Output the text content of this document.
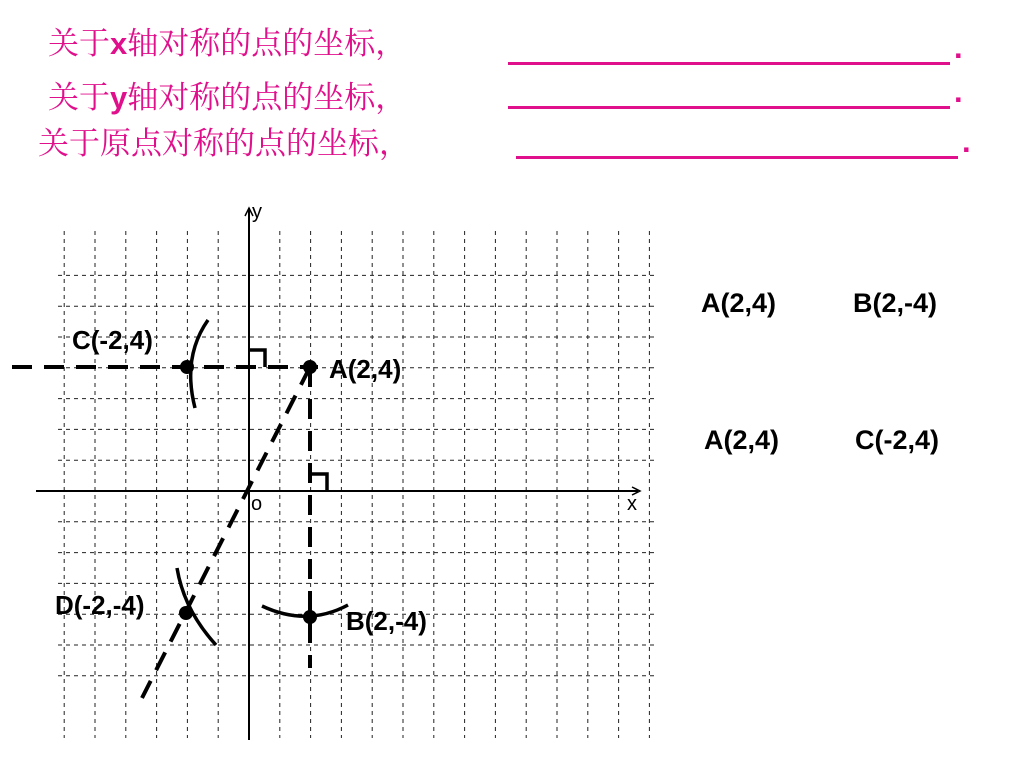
关于x轴对称的点的坐标，	.
关于y轴对称的点的坐标，	.
关于原点对称的点的坐标，	.
A(2,4)	B(2,-4)
A(2,4)	C(-2,4)
x
y
o
A(2,4)
C(-2,4)
B(2,-4)
D(-2,-4)
